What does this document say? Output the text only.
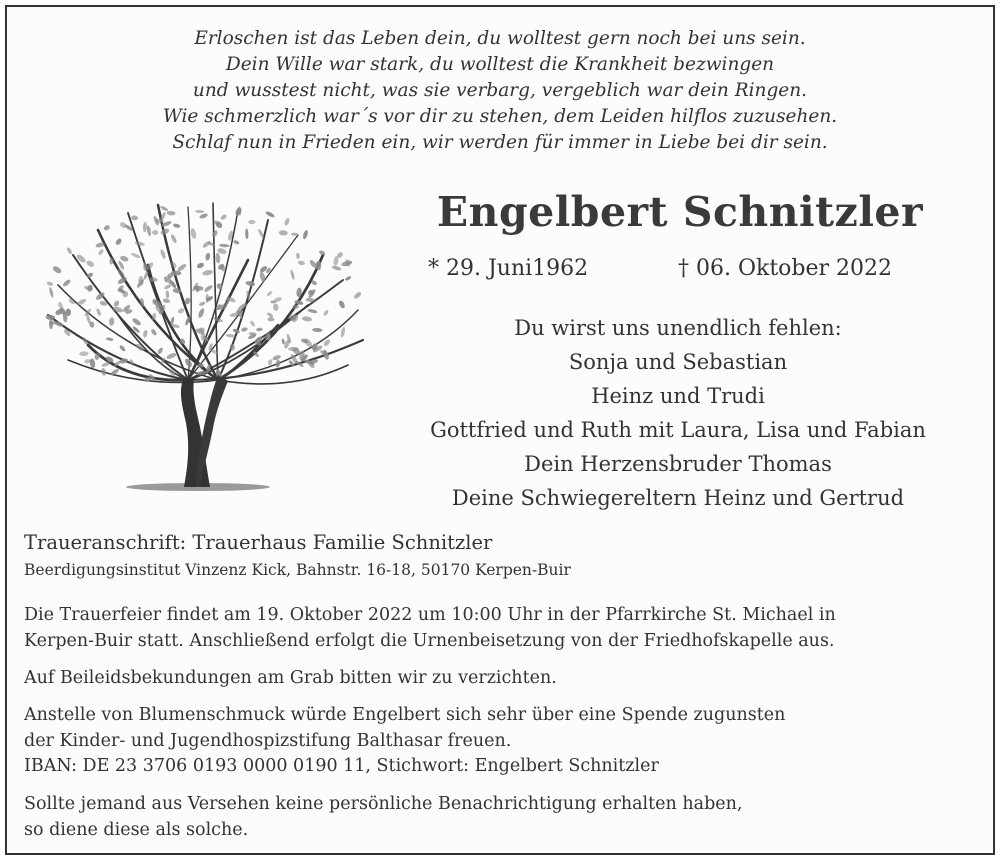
Erloschen ist das Leben dein, du wolltest gern noch bei uns sein.
Dein Wille war stark, du wolltest die Krankheit bezwingen
und wusstest nicht, was sie verbarg, vergeblich war dein Ringen.
Wie schmerzlich war´s vor dir zu stehen, dem Leiden hilflos zuzusehen.
Schlaf nun in Frieden ein, wir werden für immer in Liebe bei dir sein.
Engelbert Schnitzler
* 29. Juni1962	† 06. Oktober 2022
Du wirst uns unendlich fehlen:
Sonja und Sebastian
Heinz und Trudi
Gottfried und Ruth mit Laura, Lisa und Fabian
Dein Herzensbruder Thomas
Deine Schwiegereltern Heinz und Gertrud
Traueranschrift: Trauerhaus Familie Schnitzler
Beerdigungsinstitut Vinzenz Kick, Bahnstr. 16-18, 50170 Kerpen-Buir
Die Trauerfeier findet am 19. Oktober 2022 um 10:00 Uhr in der Pfarrkirche St. Michael in
Kerpen-Buir statt. Anschließend erfolgt die Urnenbeisetzung von der Friedhofskapelle aus.
Auf Beileidsbekundungen am Grab bitten wir zu verzichten.
Anstelle von Blumenschmuck würde Engelbert sich sehr über eine Spende zugunsten
der Kinder- und Jugendhospizstifung Balthasar freuen.
IBAN: DE 23 3706 0193 0000 0190 11, Stichwort: Engelbert Schnitzler
Sollte jemand aus Versehen keine persönliche Benachrichtigung erhalten haben,
so diene diese als solche.
